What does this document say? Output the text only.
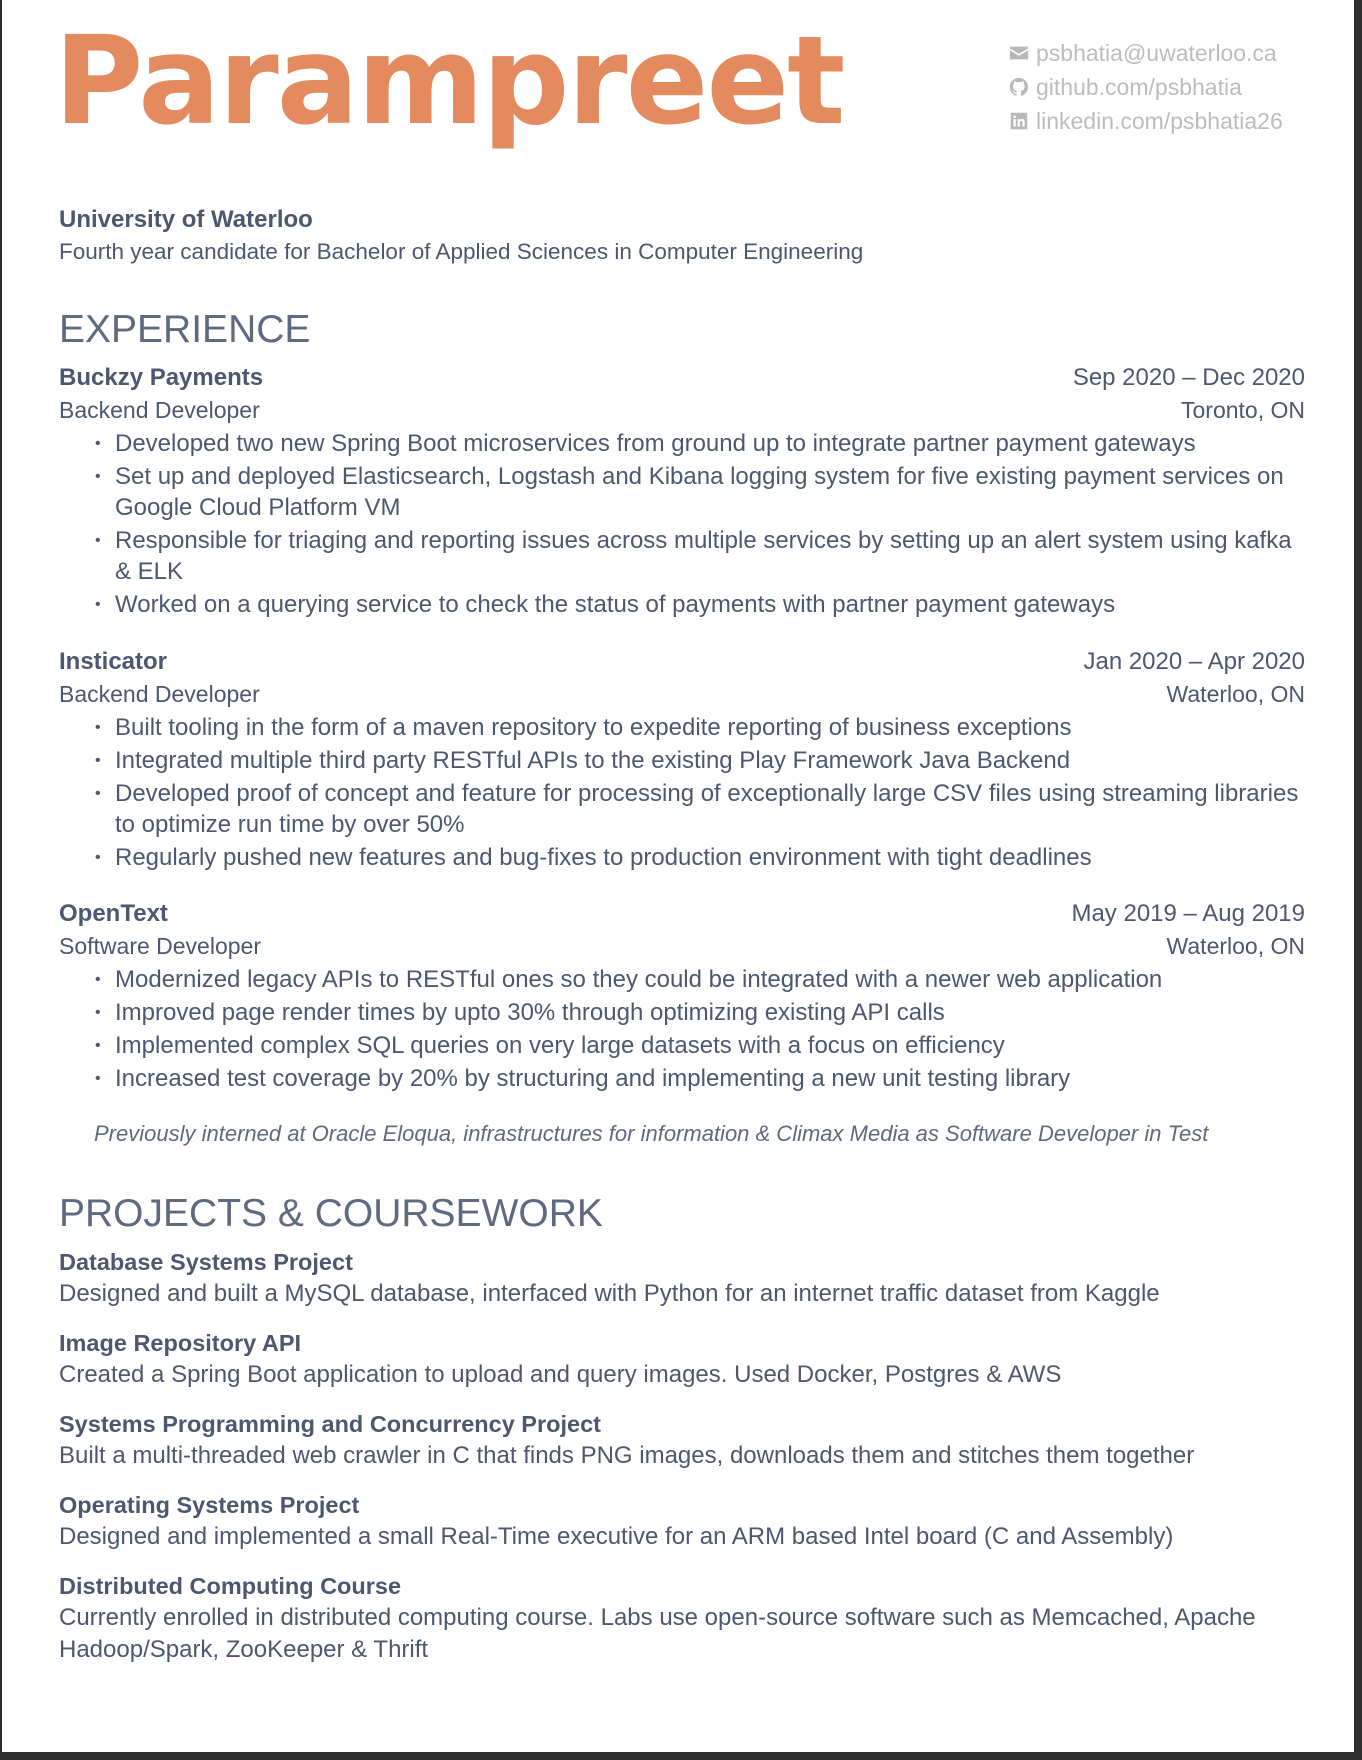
Parampreet	psbhatia@uwaterloo.ca
github.com/psbhatia
linkedin.com/psbhatia26
University of Waterloo
Fourth year candidate for Bachelor of Applied Sciences in Computer Engineering
EXPERIENCE
Buckzy Payments	Sep 2020 – Dec 2020
Backend Developer	Toronto, ON
• Developed two new Spring Boot microservices from ground up to integrate partner payment gateways
• Set up and deployed Elasticsearch, Logstash and Kibana logging system for five existing payment services on Google Cloud Platform VM
• Responsible for triaging and reporting issues across multiple services by setting up an alert system using kafka & ELK
• Worked on a querying service to check the status of payments with partner payment gateways
Insticator	Jan 2020 – Apr 2020
Backend Developer	Waterloo, ON
• Built tooling in the form of a maven repository to expedite reporting of business exceptions
• Integrated multiple third party RESTful APIs to the existing Play Framework Java Backend
• Developed proof of concept and feature for processing of exceptionally large CSV files using streaming libraries to optimize run time by over 50%
• Regularly pushed new features and bug-fixes to production environment with tight deadlines
OpenText	May 2019 – Aug 2019
Software Developer	Waterloo, ON
• Modernized legacy APIs to RESTful ones so they could be integrated with a newer web application
• Improved page render times by upto 30% through optimizing existing API calls
• Implemented complex SQL queries on very large datasets with a focus on efficiency
• Increased test coverage by 20% by structuring and implementing a new unit testing library
Previously interned at Oracle Eloqua, infrastructures for information & Climax Media as Software Developer in Test
PROJECTS & COURSEWORK
Database Systems Project
Designed and built a MySQL database, interfaced with Python for an internet traffic dataset from Kaggle
Image Repository API
Created a Spring Boot application to upload and query images. Used Docker, Postgres & AWS
Systems Programming and Concurrency Project
Built a multi-threaded web crawler in C that finds PNG images, downloads them and stitches them together
Operating Systems Project
Designed and implemented a small Real-Time executive for an ARM based Intel board (C and Assembly)
Distributed Computing Course
Currently enrolled in distributed computing course. Labs use open-source software such as Memcached, Apache Hadoop/Spark, ZooKeeper & Thrift
